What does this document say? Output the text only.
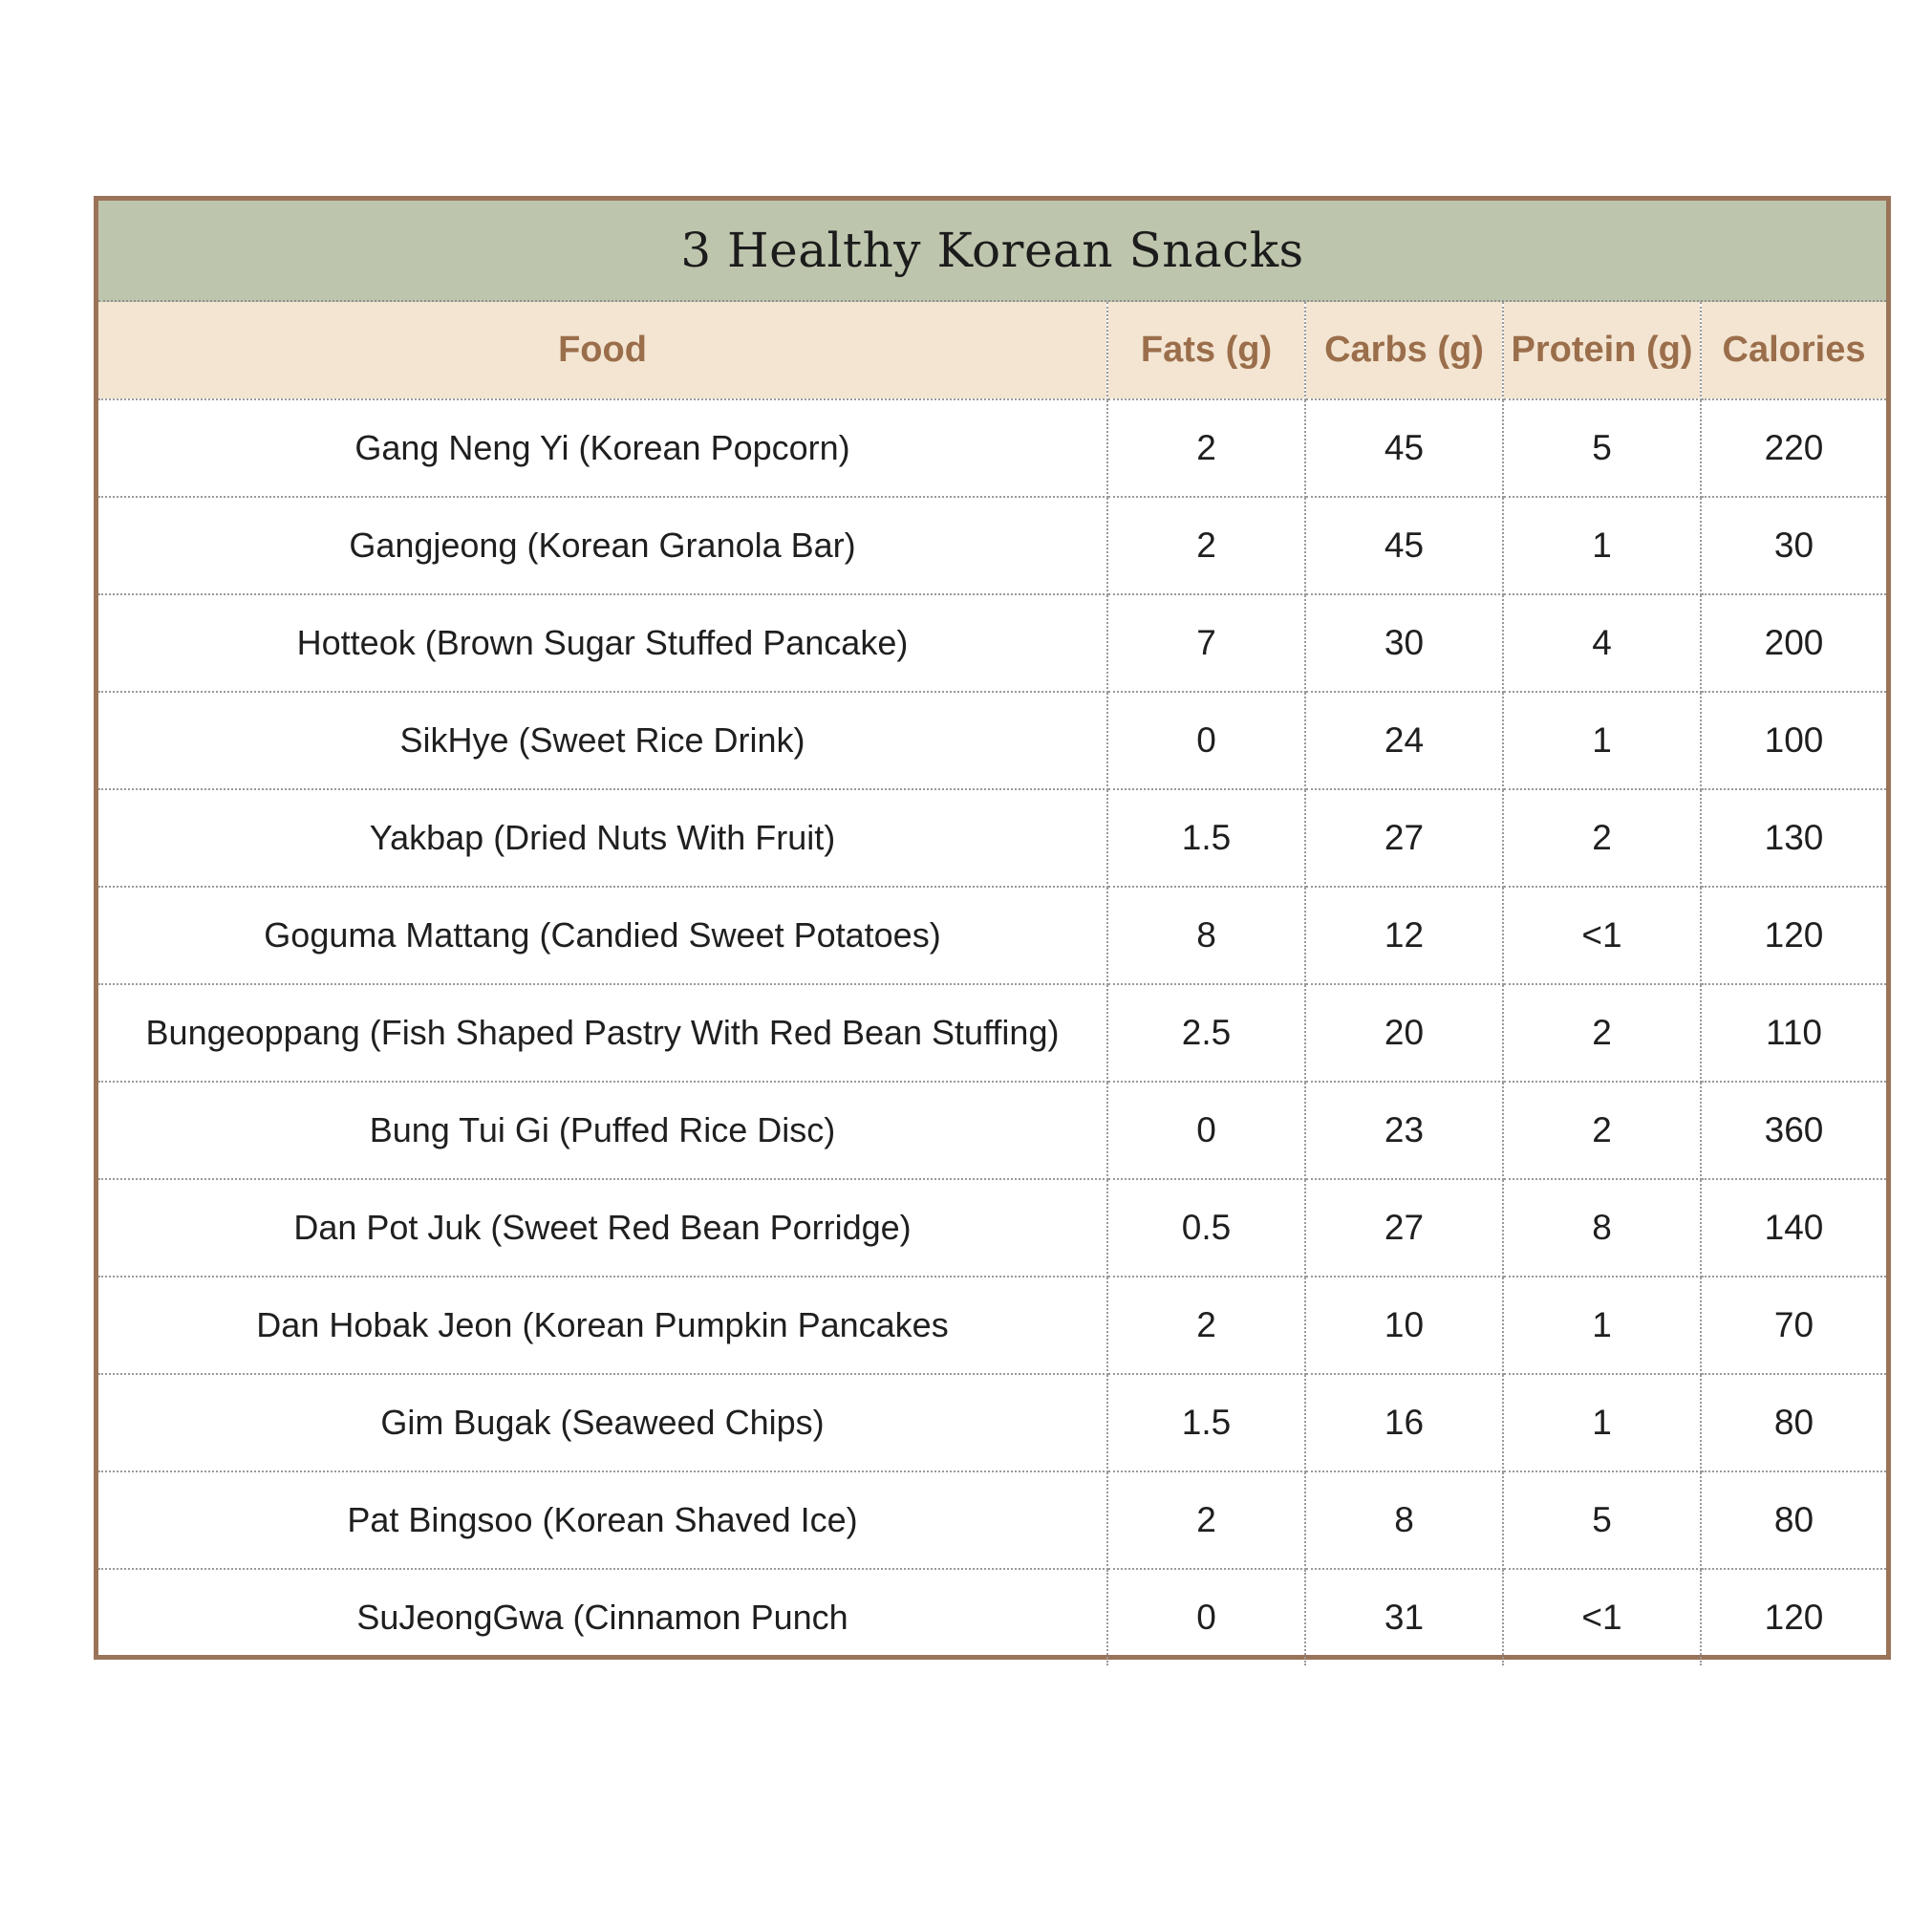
3 Healthy Korean Snacks
Food	Fats (g)	Carbs (g)	Protein (g)	Calories
Gang Neng Yi (Korean Popcorn)	2	45	5	220
Gangjeong (Korean Granola Bar)	2	45	1	30
Hotteok (Brown Sugar Stuffed Pancake)	7	30	4	200
SikHye (Sweet Rice Drink)	0	24	1	100
Yakbap (Dried Nuts With Fruit)	1.5	27	2	130
Goguma Mattang (Candied Sweet Potatoes)	8	12	<1	120
Bungeoppang (Fish Shaped Pastry With Red Bean Stuffing)	2.5	20	2	110
Bung Tui Gi (Puffed Rice Disc)	0	23	2	360
Dan Pot Juk (Sweet Red Bean Porridge)	0.5	27	8	140
Dan Hobak Jeon (Korean Pumpkin Pancakes	2	10	1	70
Gim Bugak (Seaweed Chips)	1.5	16	1	80
Pat Bingsoo (Korean Shaved Ice)	2	8	5	80
SuJeongGwa (Cinnamon Punch	0	31	<1	120
